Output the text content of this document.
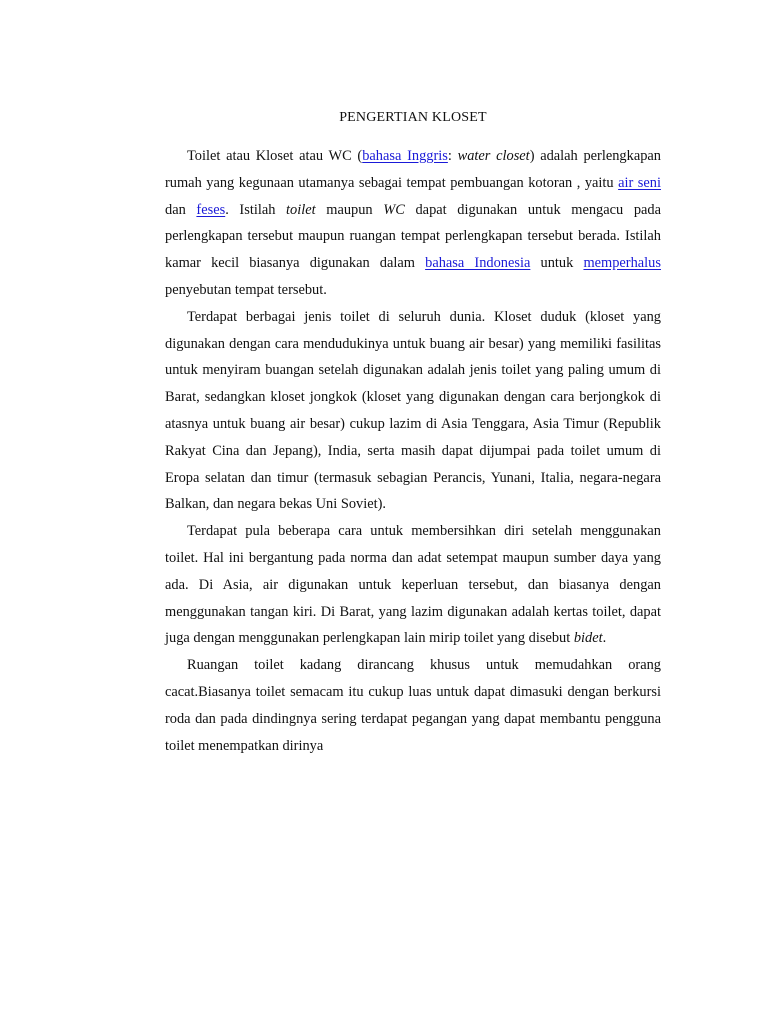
PENGERTIAN KLOSET

Toilet atau Kloset atau WC (bahasa Inggris: water closet) adalah perlengkapan rumah yang kegunaan utamanya sebagai tempat pembuangan kotoran , yaitu air seni dan feses. Istilah toilet maupun WC dapat digunakan untuk mengacu pada perlengkapan tersebut maupun ruangan tempat perlengkapan tersebut berada. Istilah kamar kecil biasanya digunakan dalam bahasa Indonesia untuk memperhalus penyebutan tempat tersebut.

Terdapat berbagai jenis toilet di seluruh dunia. Kloset duduk (kloset yang digunakan dengan cara mendudukinya untuk buang air besar) yang memiliki fasilitas untuk menyiram buangan setelah digunakan adalah jenis toilet yang paling umum di Barat, sedangkan kloset jongkok (kloset yang digunakan dengan cara berjongkok di atasnya untuk buang air besar) cukup lazim di Asia Tenggara, Asia Timur (Republik Rakyat Cina dan Jepang), India, serta masih dapat dijumpai pada toilet umum di Eropa selatan dan timur (termasuk sebagian Perancis, Yunani, Italia, negara-negara Balkan, dan negara bekas Uni Soviet).

Terdapat pula beberapa cara untuk membersihkan diri setelah menggunakan toilet. Hal ini bergantung pada norma dan adat setempat maupun sumber daya yang ada. Di Asia, air digunakan untuk keperluan tersebut, dan biasanya dengan menggunakan tangan kiri. Di Barat, yang lazim digunakan adalah kertas toilet, dapat juga dengan menggunakan perlengkapan lain mirip toilet yang disebut bidet.

Ruangan toilet kadang dirancang khusus untuk memudahkan orang cacat.Biasanya toilet semacam itu cukup luas untuk dapat dimasuki dengan berkursi roda dan pada dindingnya sering terdapat pegangan yang dapat membantu pengguna toilet menempatkan dirinya
